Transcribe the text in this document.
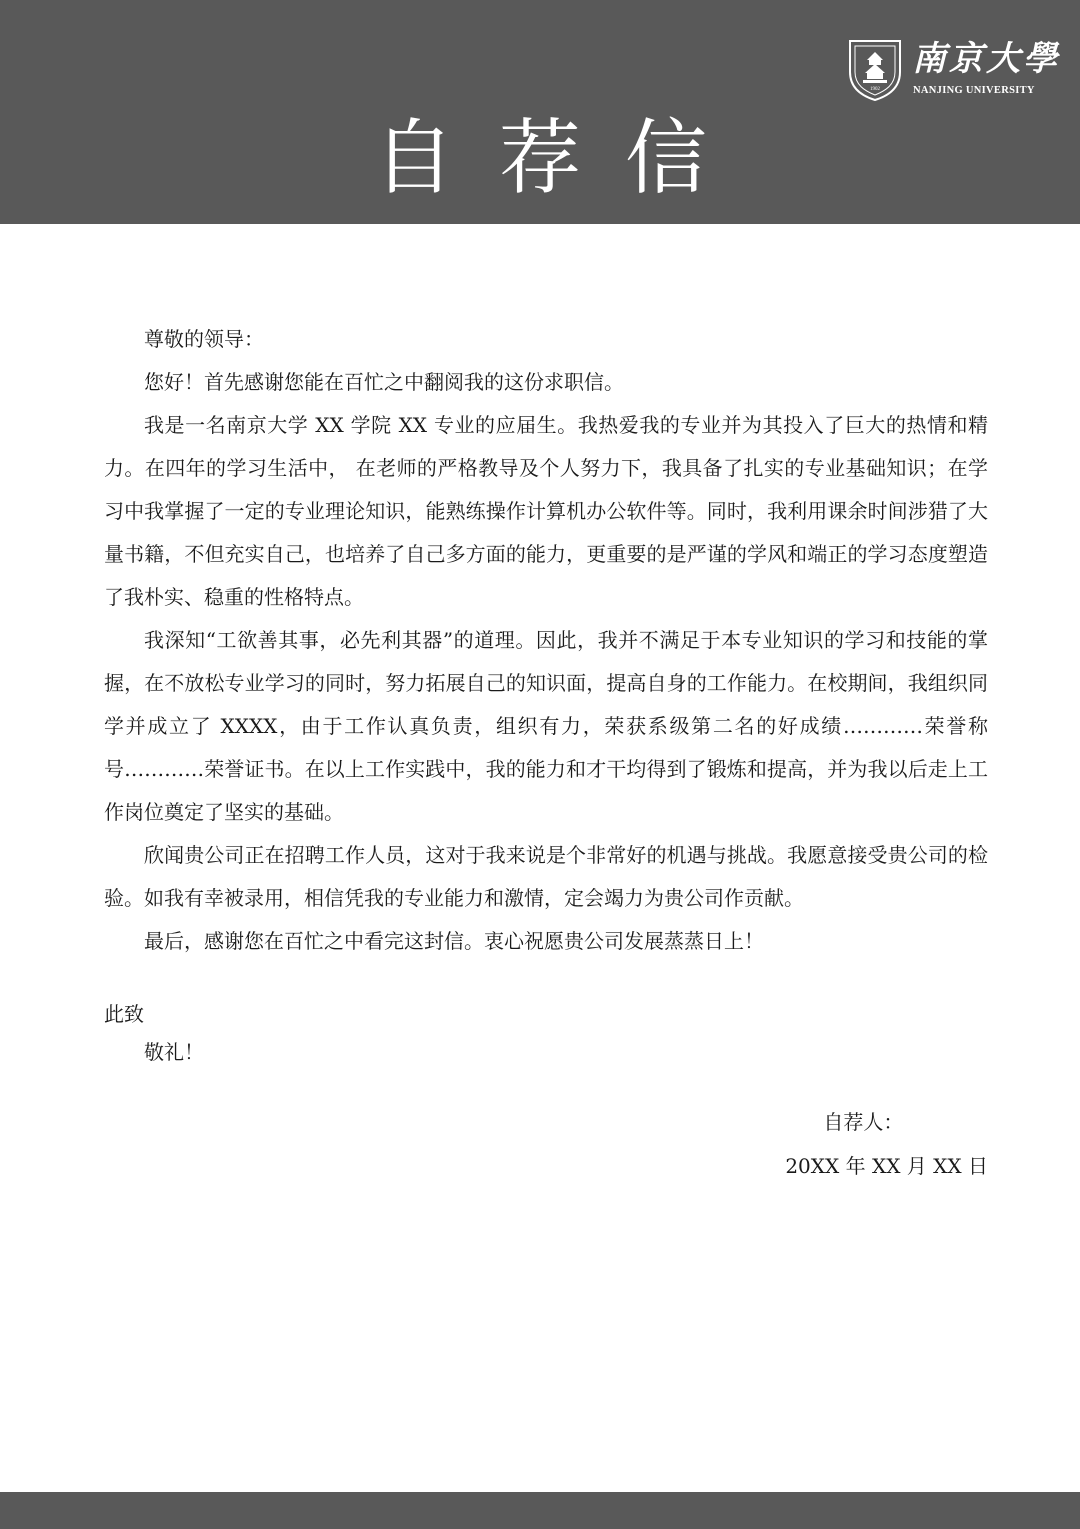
1902
南京大學
NANJING UNIVERSITY
自荐信

尊敬的领导：

您好！首先感谢您能在百忙之中翻阅我的这份求职信。

我是一名南京大学 XX 学院 XX 专业的应届生。我热爱我的专业并为其投入了巨大的热情和精力。在四年的学习生活中， 在老师的严格教导及个人努力下，我具备了扎实的专业基础知识；在学习中我掌握了一定的专业理论知识，能熟练操作计算机办公软件等。同时，我利用课余时间涉猎了大量书籍，不但充实自己，也培养了自己多方面的能力，更重要的是严谨的学风和端正的学习态度塑造了我朴实、稳重的性格特点。

我深知“工欲善其事，必先利其器”的道理。因此，我并不满足于本专业知识的学习和技能的掌握，在不放松专业学习的同时，努力拓展自己的知识面，提高自身的工作能力。在校期间，我组织同学并成立了 XXXX，由于工作认真负责，组织有力，荣获系级第二名的好成绩…………荣誉称号…………荣誉证书。在以上工作实践中，我的能力和才干均得到了锻炼和提高，并为我以后走上工作岗位奠定了坚实的基础。

欣闻贵公司正在招聘工作人员，这对于我来说是个非常好的机遇与挑战。我愿意接受贵公司的检验。如我有幸被录用，相信凭我的专业能力和激情，定会竭力为贵公司作贡献。

最后，感谢您在百忙之中看完这封信。衷心祝愿贵公司发展蒸蒸日上！

此致
敬礼！
自荐人：
20XX 年 XX 月 XX 日
